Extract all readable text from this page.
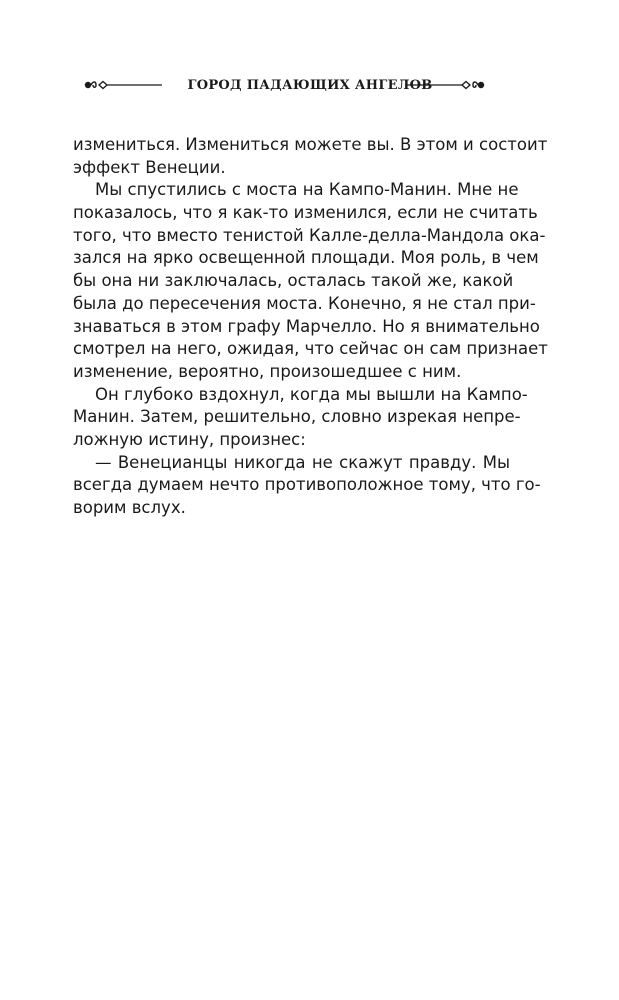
ГОРОД ПАДАЮЩИХ АНГЕЛОВ
измениться. Измениться можете вы. В этом и состоит
эффект Венеции.
Мы спустились с моста на Кампо-Манин. Мне не
показалось, что я как-то изменился, если не считать
того, что вместо тенистой Калле-делла-Мандола ока-
зался на ярко освещенной площади. Моя роль, в чем
бы она ни заключалась, осталась такой же, какой
была до пересечения моста. Конечно, я не стал при-
знаваться в этом графу Марчелло. Но я внимательно
смотрел на него, ожидая, что сейчас он сам признает
изменение, вероятно, произошедшее с ним.
Он глубоко вздохнул, когда мы вышли на Кампо-
Манин. Затем, решительно, словно изрекая непре-
ложную истину, произнес:
— Венецианцы никогда не скажут правду. Мы
всегда думаем нечто противоположное тому, что го-
ворим вслух.
